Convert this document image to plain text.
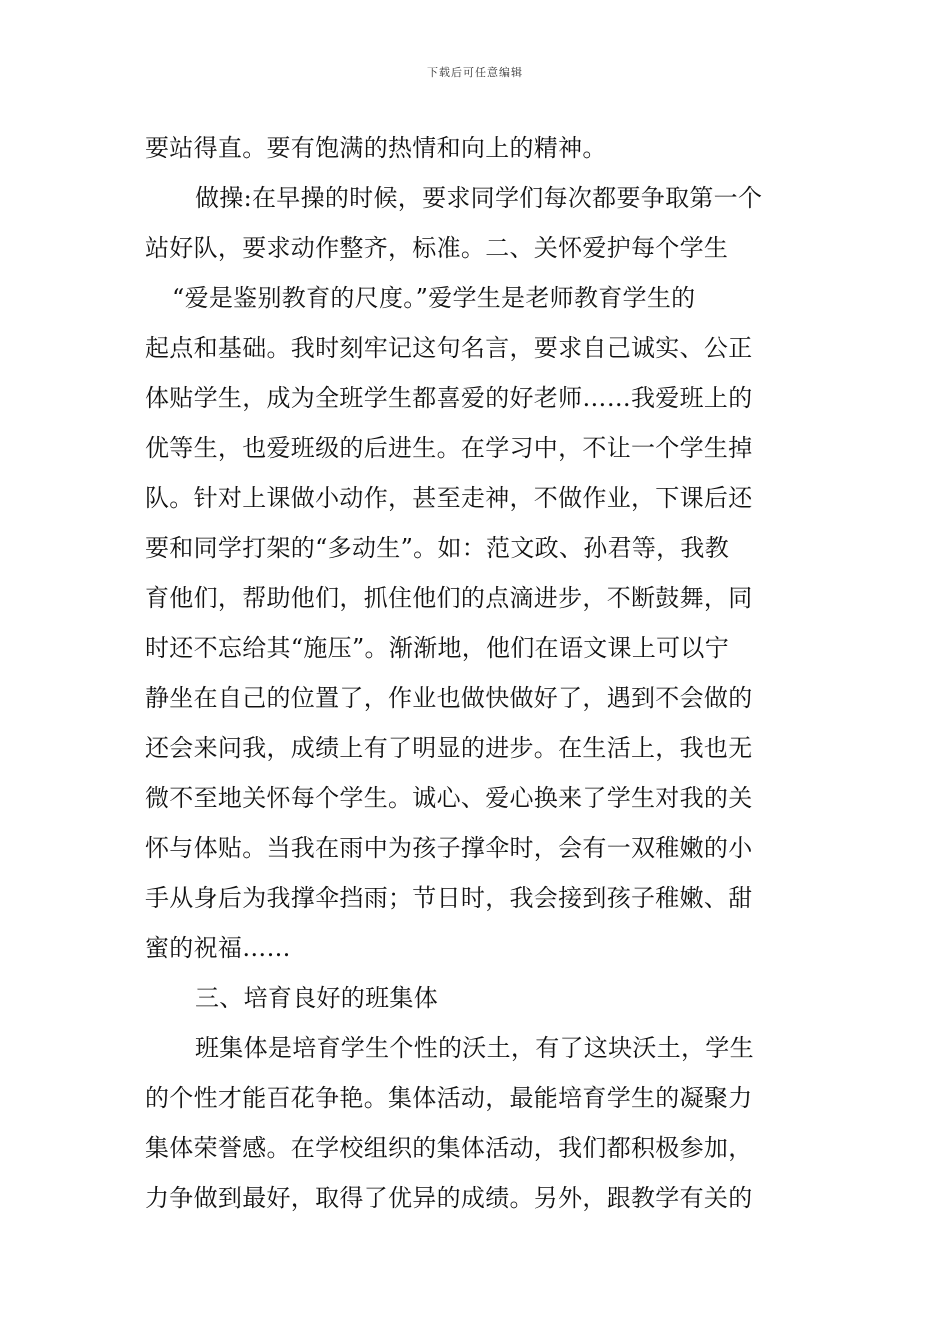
下载后可任意编辑
要站得直。要有饱满的热情和向上的精神。
做操:在早操的时候，要求同学们每次都要争取第一个
站好队，要求动作整齐，标准。二、关怀爱护每个学生
“爱是鉴别教育的尺度。”爱学生是老师教育学生的
起点和基础。我时刻牢记这句名言，要求自己诚实、公正
体贴学生，成为全班学生都喜爱的好老师……我爱班上的
优等生，也爱班级的后进生。在学习中，不让一个学生掉
队。针对上课做小动作，甚至走神，不做作业，下课后还
要和同学打架的“多动生”。如：范文政、孙君等，我教
育他们，帮助他们，抓住他们的点滴进步，不断鼓舞，同
时还不忘给其“施压”。渐渐地，他们在语文课上可以宁
静坐在自己的位置了，作业也做快做好了，遇到不会做的
还会来问我，成绩上有了明显的进步。在生活上，我也无
微不至地关怀每个学生。诚心、爱心换来了学生对我的关
怀与体贴。当我在雨中为孩子撑伞时，会有一双稚嫩的小
手从身后为我撑伞挡雨；节日时，我会接到孩子稚嫩、甜
蜜的祝福……
三、培育良好的班集体
班集体是培育学生个性的沃土，有了这块沃土，学生
的个性才能百花争艳。集体活动，最能培育学生的凝聚力
集体荣誉感。在学校组织的集体活动，我们都积极参加，
力争做到最好，取得了优异的成绩。另外，跟教学有关的
